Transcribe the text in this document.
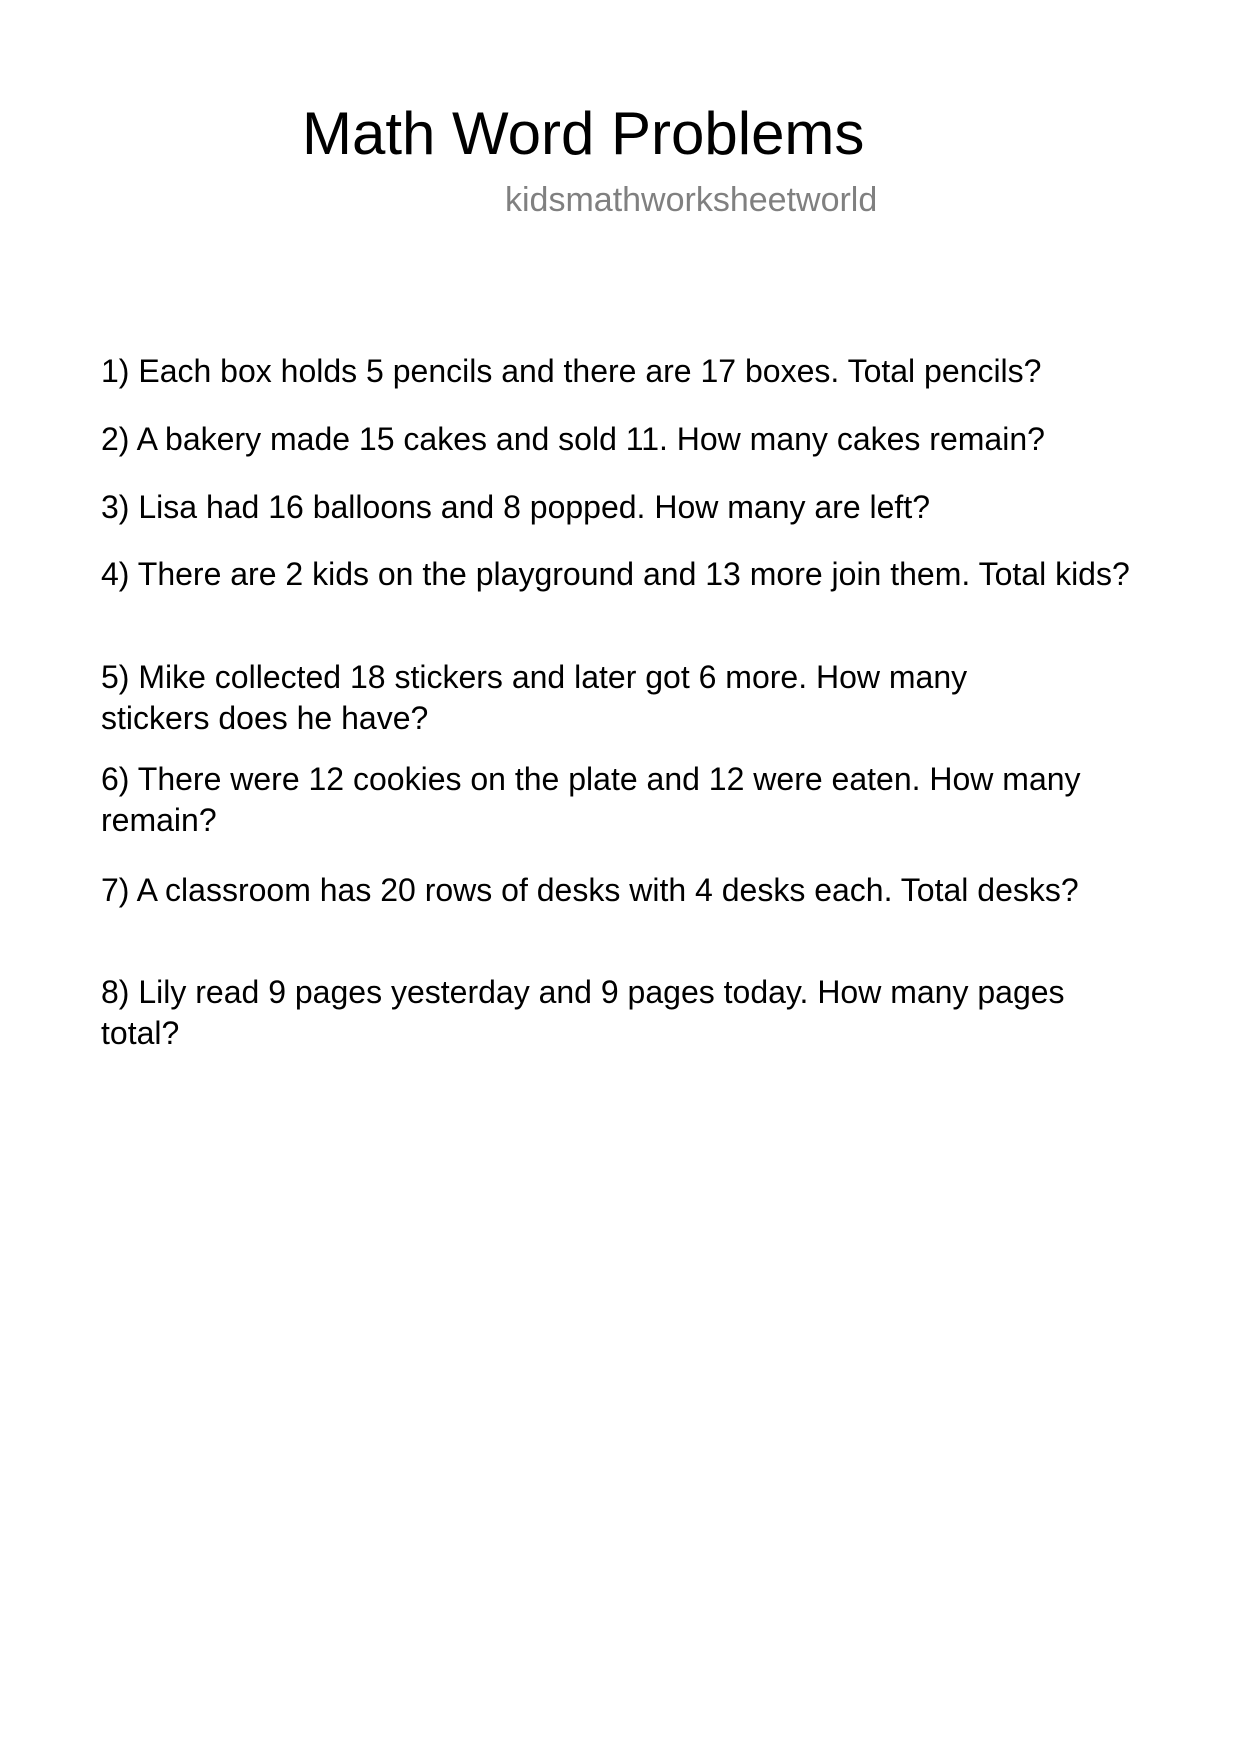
Math Word Problems
kidsmathworksheetworld
1) Each box holds 5 pencils and there are 17 boxes. Total pencils?
2) A bakery made 15 cakes and sold 11. How many cakes remain?
3) Lisa had 16 balloons and 8 popped. How many are left?
4) There are 2 kids on the playground and 13 more join them. Total kids?
5) Mike collected 18 stickers and later got 6 more. How many stickers does he have?
6) There were 12 cookies on the plate and 12 were eaten. How many remain?
7) A classroom has 20 rows of desks with 4 desks each. Total desks?
8) Lily read 9 pages yesterday and 9 pages today. How many pages total?
